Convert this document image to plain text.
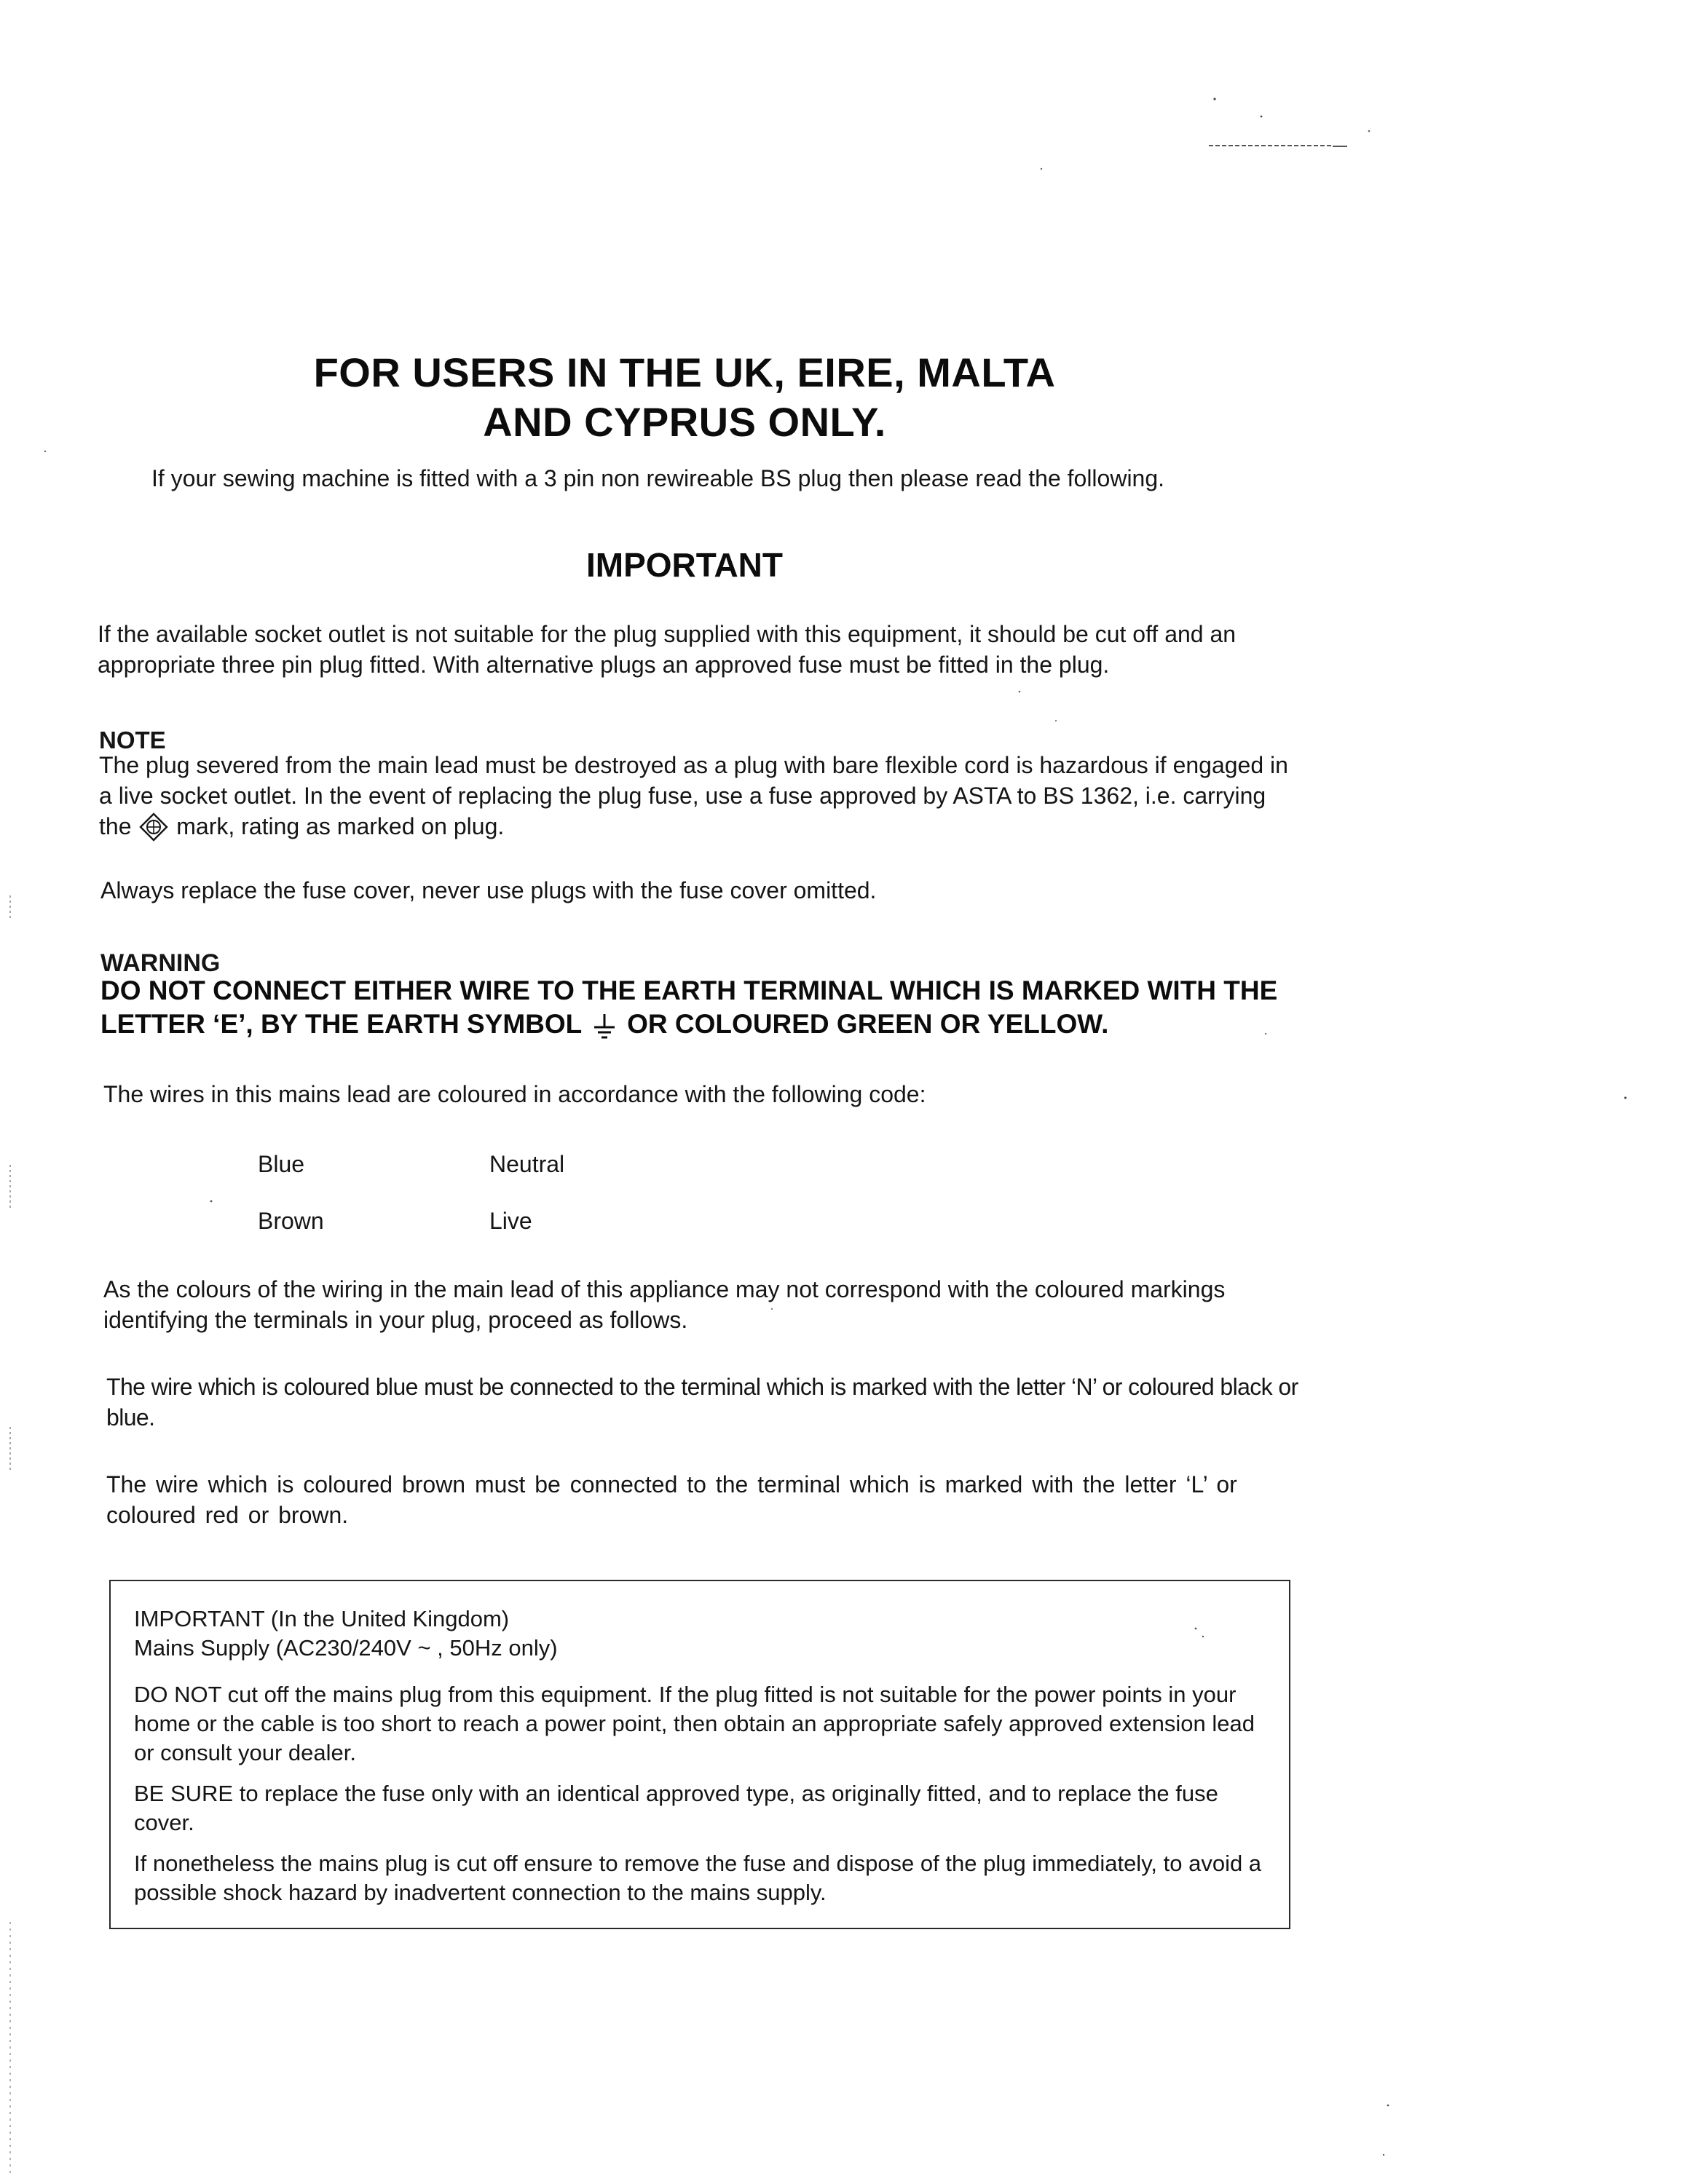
FOR USERS IN THE UK, EIRE, MALTA
AND CYPRUS ONLY.
If your sewing machine is fitted with a 3 pin non rewireable BS plug then please read the following.
IMPORTANT
If the available socket outlet is not suitable for the plug supplied with this equipment, it should be cut off and an appropriate three pin plug fitted. With alternative plugs an approved fuse must be fitted in the plug.
NOTE
The plug severed from the main lead must be destroyed as a plug with bare flexible cord is hazardous if engaged in a live socket outlet. In the event of replacing the plug fuse, use a fuse approved by ASTA to BS 1362, i.e. carrying the mark, rating as marked on plug.
Always replace the fuse cover, never use plugs with the fuse cover omitted.
WARNING
DO NOT CONNECT EITHER WIRE TO THE EARTH TERMINAL WHICH IS MARKED WITH THE LETTER ‘E’, BY THE EARTH SYMBOL OR COLOURED GREEN OR YELLOW.
The wires in this mains lead are coloured in accordance with the following code:
Blue	Neutral
Brown	Live
As the colours of the wiring in the main lead of this appliance may not correspond with the coloured markings identifying the terminals in your plug, proceed as follows.
The wire which is coloured blue must be connected to the terminal which is marked with the letter ‘N’ or coloured black or blue.
The wire which is coloured brown must be connected to the terminal which is marked with the letter ‘L’ or coloured red or brown.
IMPORTANT (In the United Kingdom)
Mains Supply (AC230/240V ~ , 50Hz only)
DO NOT cut off the mains plug from this equipment. If the plug fitted is not suitable for the power points in your home or the cable is too short to reach a power point, then obtain an appropriate safely approved extension lead or consult your dealer.
BE SURE to replace the fuse only with an identical approved type, as originally fitted, and to replace the fuse cover.
If nonetheless the mains plug is cut off ensure to remove the fuse and dispose of the plug immediately, to avoid a possible shock hazard by inadvertent connection to the mains supply.
